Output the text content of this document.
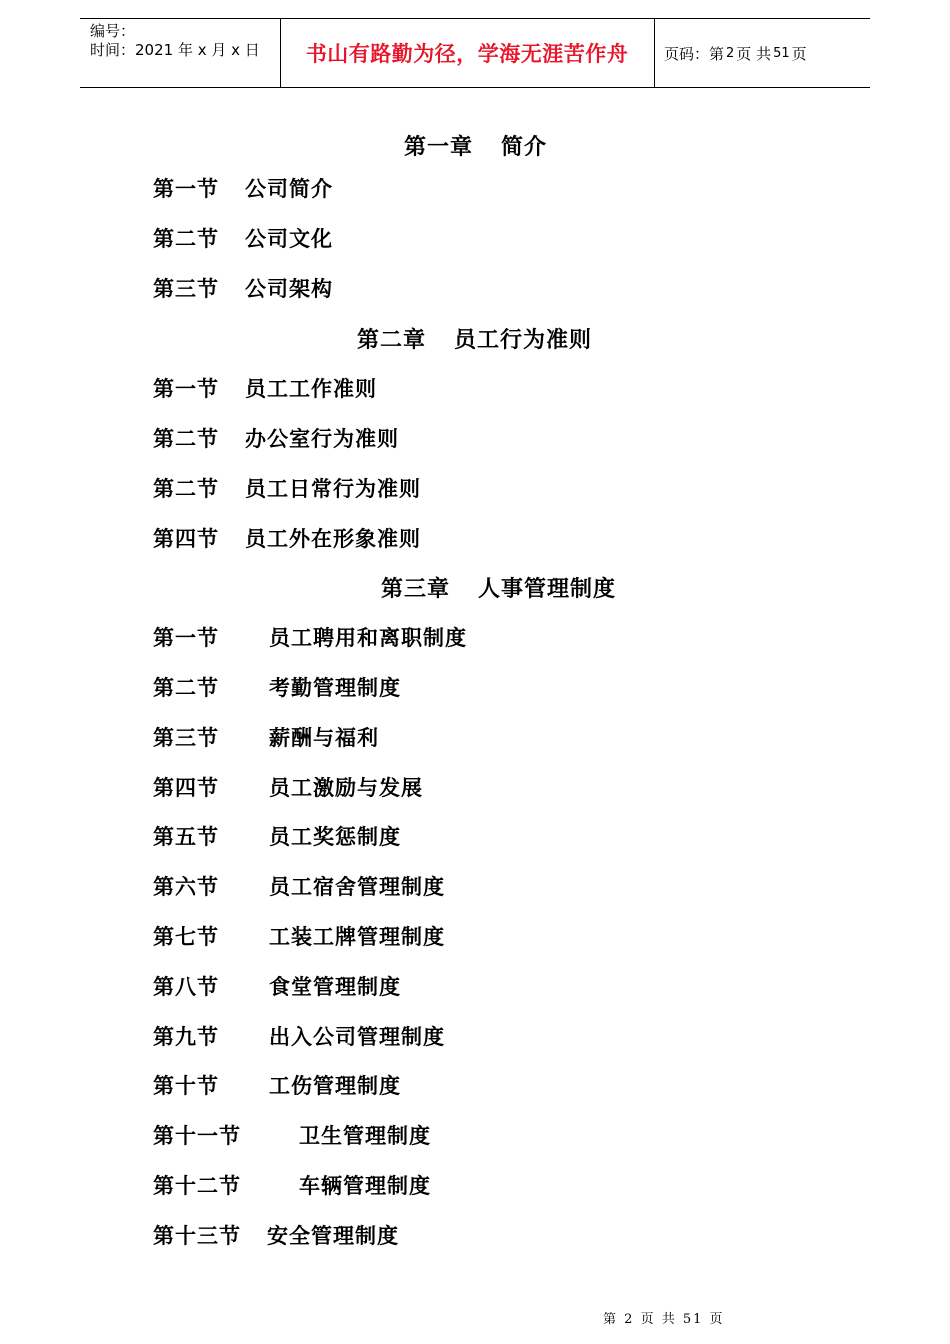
编号：
时间：2021 年 x 月 x 日	书山有路勤为径，学海无涯苦作舟	页码：第 2 页 共 51 页
第一章 简介
第一节 公司简介
第二节 公司文化
第三节 公司架构
第二章 员工行为准则
第一节 员工工作准则
第二节 办公室行为准则
第二节 员工日常行为准则
第四节 员工外在形象准则
第三章 人事管理制度
第一节 员工聘用和离职制度
第二节 考勤管理制度
第三节 薪酬与福利
第四节 员工激励与发展
第五节 员工奖惩制度
第六节 员工宿舍管理制度
第七节 工装工牌管理制度
第八节 食堂管理制度
第九节 出入公司管理制度
第十节 工伤管理制度
第十一节	卫生管理制度
第十二节	车辆管理制度
第十三节 安全管理制度
第 2 页 共 51 页
